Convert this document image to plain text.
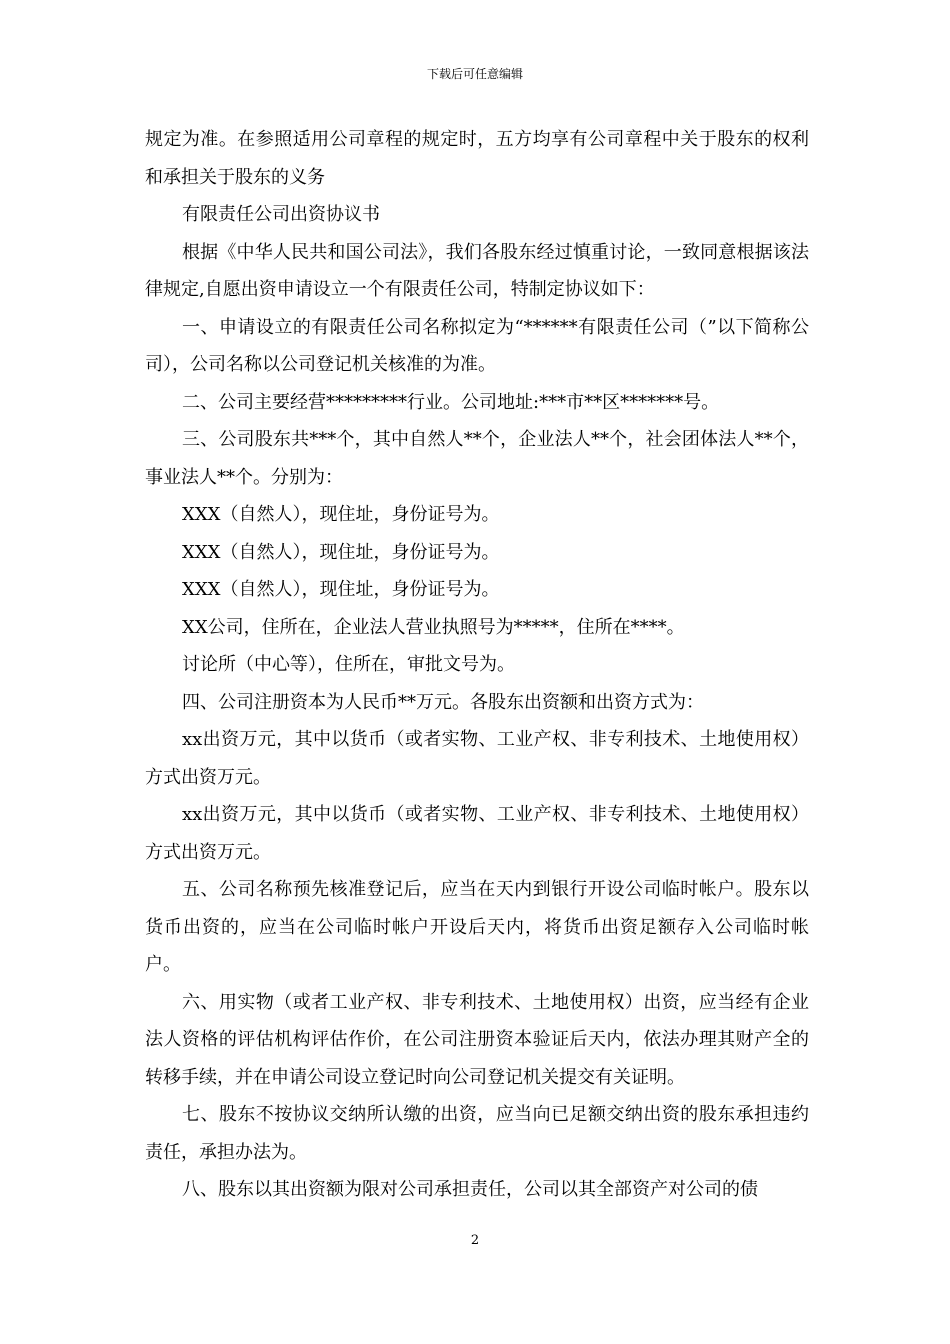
下载后可任意编辑

规定为准。在参照适用公司章程的规定时，五方均享有公司章程中关于股东的权利和承担关于股东的义务

有限责任公司出资协议书

根据《中华人民共和国公司法》，我们各股东经过慎重讨论，一致同意根据该法律规定,自愿出资申请设立一个有限责任公司，特制定协议如下：

一、申请设立的有限责任公司名称拟定为“******有限责任公司（”以下简称公司），公司名称以公司登记机关核准的为准。

二、公司主要经营*********行业。公司地址:***市**区*******号。

三、公司股东共***个，其中自然人**个，企业法人**个，社会团体法人**个，事业法人**个。分别为：

XXX（自然人），现住址，身份证号为。

XXX（自然人），现住址，身份证号为。

XXX（自然人），现住址，身份证号为。

XX公司，住所在，企业法人营业执照号为*****，住所在****。

讨论所（中心等），住所在，审批文号为。

四、公司注册资本为人民币**万元。各股东出资额和出资方式为：

xx出资万元，其中以货币（或者实物、工业产权、非专利技术、土地使用权）方式出资万元。

xx出资万元，其中以货币（或者实物、工业产权、非专利技术、土地使用权）方式出资万元。

五、公司名称预先核准登记后，应当在天内到银行开设公司临时帐户。股东以货币出资的，应当在公司临时帐户开设后天内，将货币出资足额存入公司临时帐户。

六、用实物（或者工业产权、非专利技术、土地使用权）出资，应当经有企业法人资格的评估机构评估作价，在公司注册资本验证后天内，依法办理其财产全的转移手续，并在申请公司设立登记时向公司登记机关提交有关证明。

七、股东不按协议交纳所认缴的出资，应当向已足额交纳出资的股东承担违约责任，承担办法为。

八、股东以其出资额为限对公司承担责任，公司以其全部资产对公司的债

2
